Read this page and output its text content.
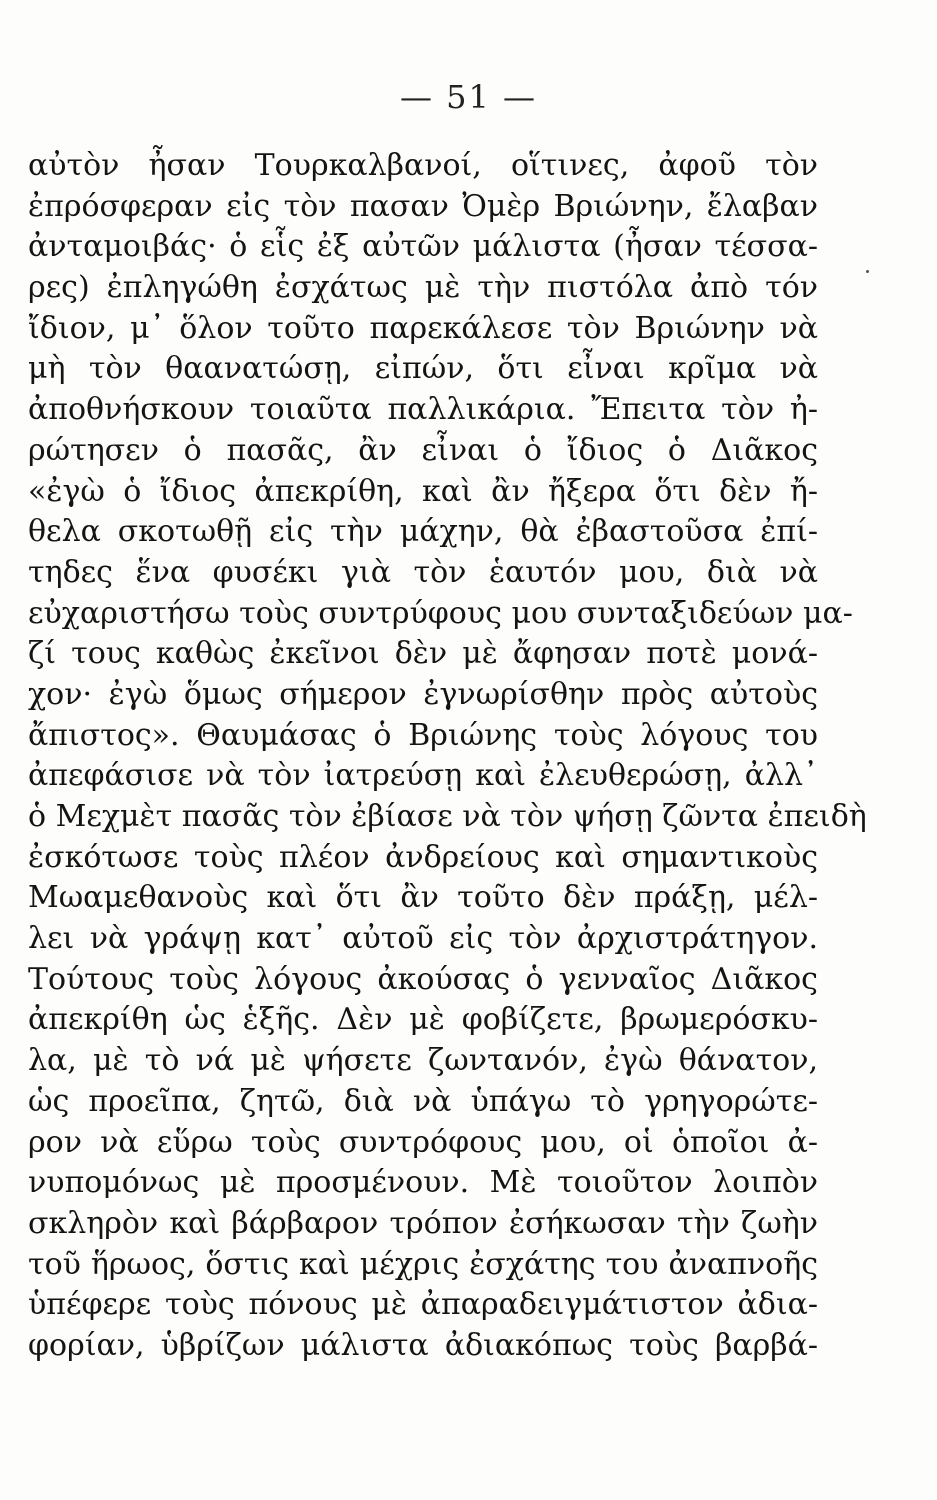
— 51 —
αὐτὸν ἦσαν Τουρκαλβανοί, οἵτινες, ἀφοῦ τὸν
ἐπρόσφεραν εἰς τὸν πασαν Ὀμὲρ Βριώνην, ἔλαβαν
ἀνταμοιβάς· ὁ εἷς ἐξ αὐτῶν μάλιστα (ἦσαν τέσσα-
ρες) ἐπληγώθη ἐσχάτως μὲ τὴν πιστόλα ἀπὸ τόν
ἴδιον, μ᾽ ὅλον τοῦτο παρεκάλεσε τὸν Βριώνην νὰ
μὴ τὸν θαανατώσῃ, εἰπών, ὅτι εἶναι κρῖμα νὰ
ἀποθνήσκουν τοιαῦτα παλλικάρια. Ἔπειτα τὸν ἠ-
ρώτησεν ὁ πασᾶς, ἂν εἶναι ὁ ἴδιος ὁ Διᾶκος
«ἐγὼ ὁ ἴδιος ἀπεκρίθη, καὶ ἂν ἤξερα ὅτι δὲν ἤ-
θελα σκοτωθῇ εἰς τὴν μάχην, θὰ ἐβαστοῦσα ἐπί-
τηδες ἕνα φυσέκι γιὰ τὸν ἑαυτόν μου, διὰ νὰ
εὐχαριστήσω τοὺς συντρύφους μου συνταξιδεύων μα-
ζί τους καθὼς ἐκεῖνοι δὲν μὲ ἄφησαν ποτὲ μονά-
χον· ἐγὼ ὅμως σήμερον ἐγνωρίσθην πρὸς αὐτοὺς
ἄπιστος». Θαυμάσας ὁ Βριώνης τοὺς λόγους του
ἀπεφάσισε νὰ τὸν ἰατρεύσῃ καὶ ἐλευθερώσῃ, ἀλλ᾽
ὁ Μεχμὲτ πασᾶς τὸν ἐβίασε νὰ τὸν ψήσῃ ζῶντα ἐπειδὴ
ἐσκότωσε τοὺς πλέον ἀνδρείους καὶ σημαντικοὺς
Μωαμεθανοὺς καὶ ὅτι ἂν τοῦτο δὲν πράξῃ, μέλ-
λει νὰ γράψῃ κατ᾽ αὐτοῦ εἰς τὸν ἀρχιστράτηγον.
Τούτους τοὺς λόγους ἀκούσας ὁ γενναῖος Διᾶκος
ἀπεκρίθη ὡς ἑξῆς. Δὲν μὲ φοβίζετε, βρωμερόσκυ-
λα, μὲ τὸ νά μὲ ψήσετε ζωντανόν, ἐγὼ θάνατον,
ὡς προεῖπα, ζητῶ, διὰ νὰ ὑπάγω τὸ γρηγορώτε-
ρον νὰ εὕρω τοὺς συντρόφους μου, οἱ ὁποῖοι ἀ-
νυπομόνως μὲ προσμένουν. Μὲ τοιοῦτον λοιπὸν
σκληρὸν καὶ βάρβαρον τρόπον ἐσήκωσαν τὴν ζωὴν
τοῦ ἥρωος, ὅστις καὶ μέχρις ἐσχάτης του ἀναπνοῆς
ὑπέφερε τοὺς πόνους μὲ ἀπαραδειγμάτιστον ἀδια-
φορίαν, ὑβρίζων μάλιστα ἀδιακόπως τοὺς βαρβά-
